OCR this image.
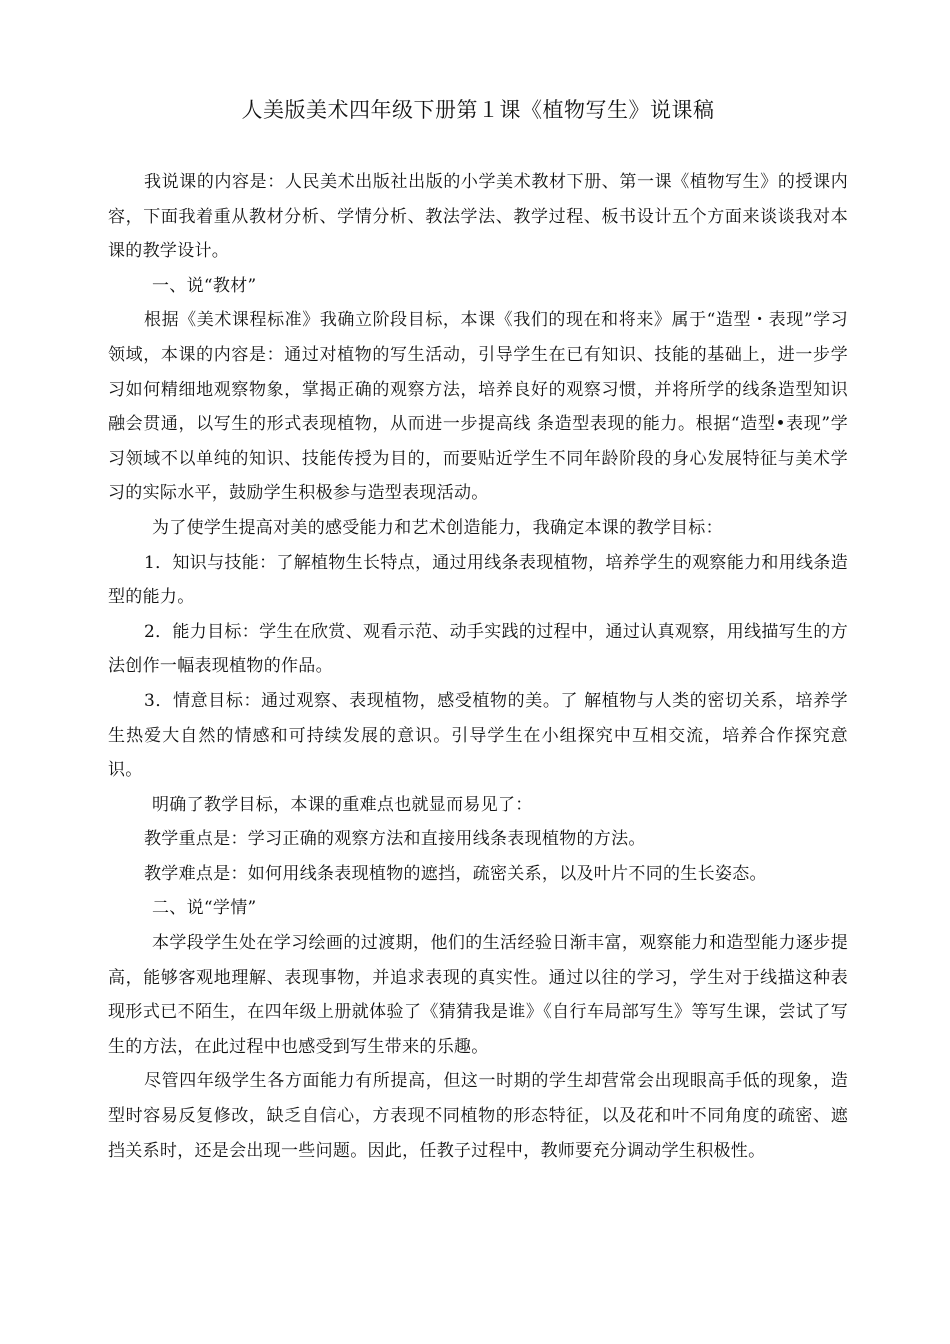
人美版美术四年级下册第１课《植物写生》说课稿

我说课的内容是：人民美术出版社出版的小学美术教材下册、第一课《植物写生》的授课内容，下面我着重从教材分析、学情分析、教法学法、教学过程、板书设计五个方面来谈谈我对本课的教学设计。

一、说“教材”

根据《美术课程标准》我确立阶段目标，本课《我们的现在和将来》属于“造型・表现”学习领域，本课的内容是：通过对植物的写生活动，引导学生在已有知识、技能的基础上，进一步学习如何精细地观察物象，掌揭正确的观察方法，培养良好的观察习惯，并将所学的线条造型知识融会贯通，以写生的形式表现植物，从而进一步提高线 条造型表现的能力。根据“造型•表现”学习领域不以单纯的知识、技能传授为目的，而要贴近学生不同年龄阶段的身心发展特征与美术学习的实际水平，鼓励学生积极参与造型表现活动。

为了使学生提高对美的感受能力和艺术创造能力，我确定本课的教学目标：

1．知识与技能：了解植物生长特点，通过用线条表现植物，培养学生的观察能力和用线条造型的能力。

2．能力目标：学生在欣赏、观看示范、动手实践的过程中，通过认真观察，用线描写生的方法创作一幅表现植物的作品。

3．情意目标：通过观察、表现植物，感受植物的美。了 解植物与人类的密切关系，培养学生热爱大自然的情感和可持续发展的意识。引导学生在小组探究中互相交流，培养合作探究意识。

明确了教学目标，本课的重难点也就显而易见了：

教学重点是：学习正确的观察方法和直接用线条表现植物的方法。

教学难点是：如何用线条表现植物的遮挡，疏密关系，以及叶片不同的生长姿态。

二、说“学情”

本学段学生处在学习绘画的过渡期，他们的生活经验日渐丰富，观察能力和造型能力逐步提高，能够客观地理解、表现事物，并追求表现的真实性。通过以往的学习，学生对于线描这种表现形式已不陌生，在四年级上册就体验了《猜猜我是谁》《自行车局部写生》等写生课，尝试了写生的方法，在此过程中也感受到写生带来的乐趣。

尽管四年级学生各方面能力有所提高，但这一时期的学生却营常会出现眼高手低的现象，造型时容易反复修改，缺乏自信心，方表现不同植物的形态特征，以及花和叶不同角度的疏密、遮挡关系时，还是会出现一些问题。因此，任教子过程中，教师要充分调动学生积极性。
